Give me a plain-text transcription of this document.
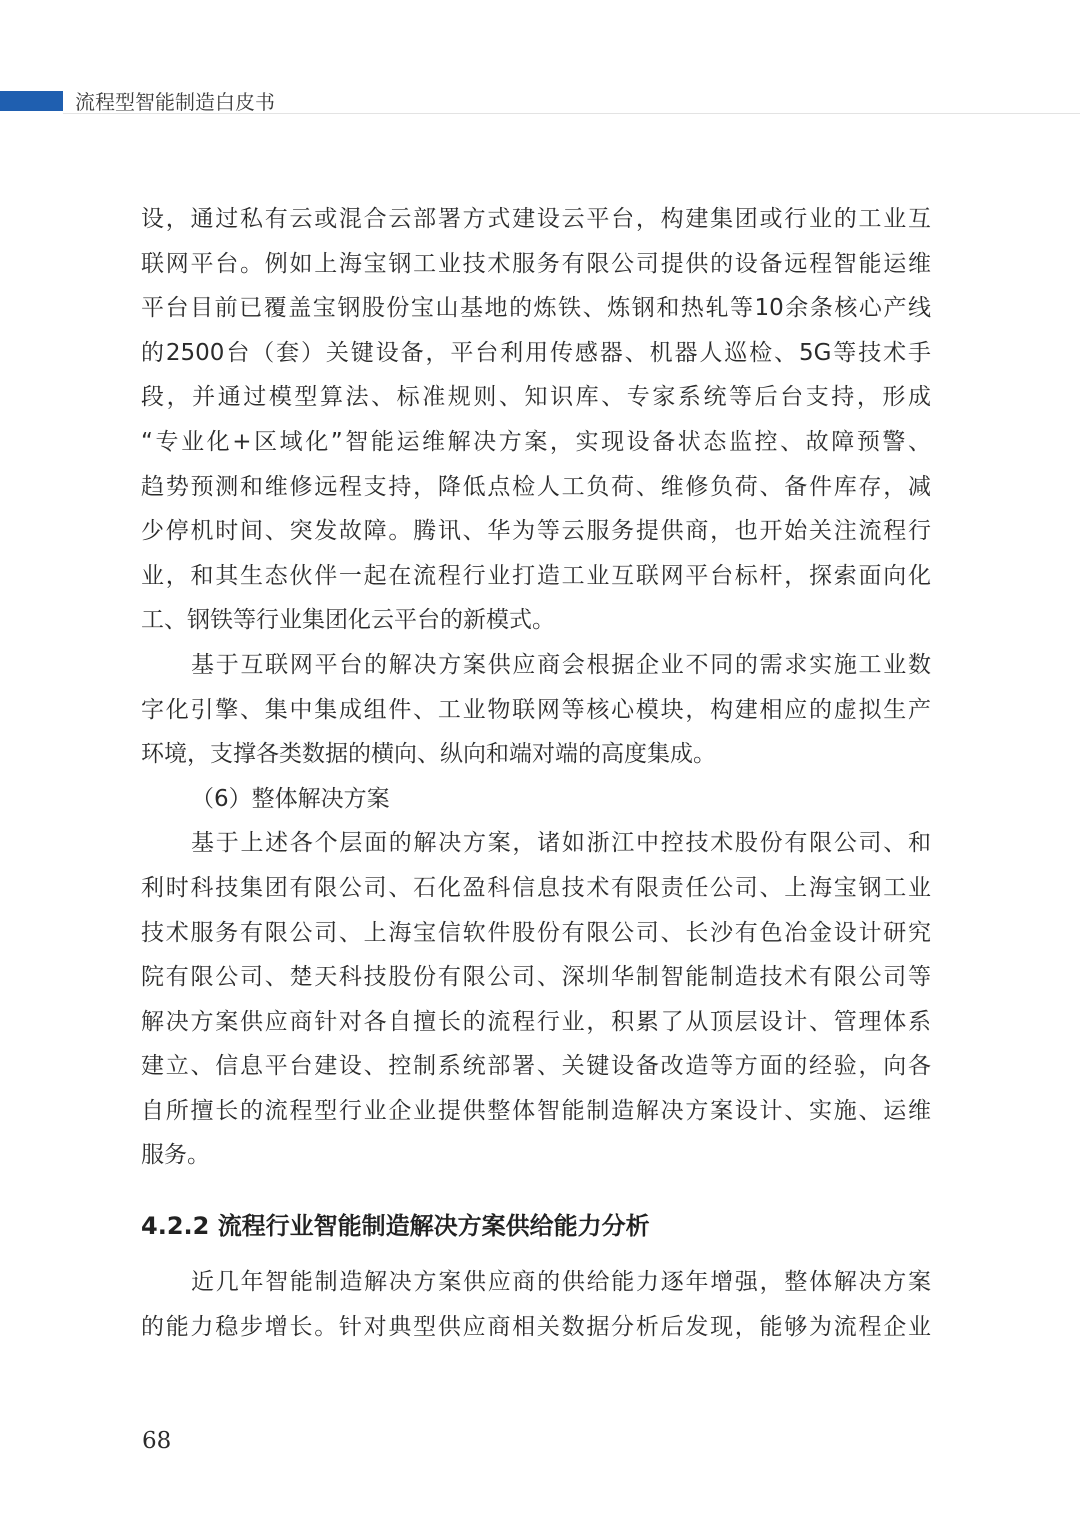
流程型智能制造白皮书
设，通过私有云或混合云部署方式建设云平台，构建集团或行业的工业互
联网平台。例如上海宝钢工业技术服务有限公司提供的设备远程智能运维
平台目前已覆盖宝钢股份宝山基地的炼铁、炼钢和热轧等10余条核心产线
的2500台（套）关键设备，平台利用传感器、机器人巡检、5G等技术手
段，并通过模型算法、标准规则、知识库、专家系统等后台支持，形成
“专业化+区域化”智能运维解决方案，实现设备状态监控、故障预警、
趋势预测和维修远程支持，降低点检人工负荷、维修负荷、备件库存，减
少停机时间、突发故障。腾讯、华为等云服务提供商，也开始关注流程行
业，和其生态伙伴一起在流程行业打造工业互联网平台标杆，探索面向化
工、钢铁等行业集团化云平台的新模式。
基于互联网平台的解决方案供应商会根据企业不同的需求实施工业数
字化引擎、集中集成组件、工业物联网等核心模块，构建相应的虚拟生产
环境，支撑各类数据的横向、纵向和端对端的高度集成。
（6）整体解决方案
基于上述各个层面的解决方案，诸如浙江中控技术股份有限公司、和
利时科技集团有限公司、石化盈科信息技术有限责任公司、上海宝钢工业
技术服务有限公司、上海宝信软件股份有限公司、长沙有色冶金设计研究
院有限公司、楚天科技股份有限公司、深圳华制智能制造技术有限公司等
解决方案供应商针对各自擅长的流程行业，积累了从顶层设计、管理体系
建立、信息平台建设、控制系统部署、关键设备改造等方面的经验，向各
自所擅长的流程型行业企业提供整体智能制造解决方案设计、实施、运维
服务。
4.2.2 流程行业智能制造解决方案供给能力分析
近几年智能制造解决方案供应商的供给能力逐年增强，整体解决方案
的能力稳步增长。针对典型供应商相关数据分析后发现，能够为流程企业
68
